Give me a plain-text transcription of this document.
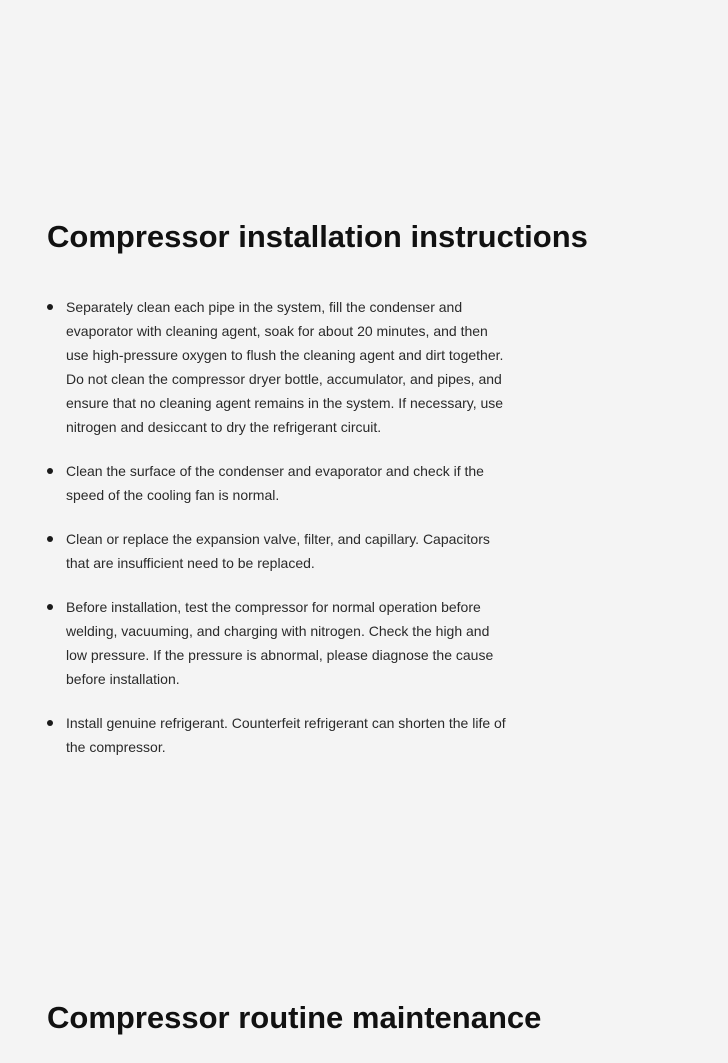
Compressor installation instructions
Separately clean each pipe in the system, fill the condenser and evaporator with cleaning agent, soak for about 20 minutes, and then use high-pressure oxygen to flush the cleaning agent and dirt together. Do not clean the compressor dryer bottle, accumulator, and pipes, and ensure that no cleaning agent remains in the system. If necessary, use nitrogen and desiccant to dry the refrigerant circuit.
Clean the surface of the condenser and evaporator and check if the speed of the cooling fan is normal.
Clean or replace the expansion valve, filter, and capillary. Capacitors that are insufficient need to be replaced.
Before installation, test the compressor for normal operation before welding, vacuuming, and charging with nitrogen. Check the high and low pressure. If the pressure is abnormal, please diagnose the cause before installation.
Install genuine refrigerant. Counterfeit refrigerant can shorten the life of the compressor.
Compressor routine maintenance
